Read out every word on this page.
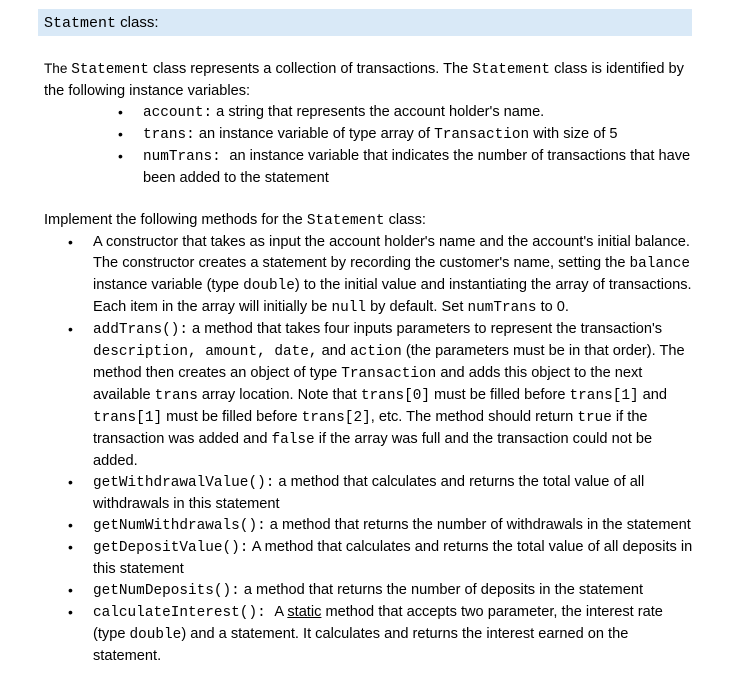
Statment class:

The Statement class represents a collection of transactions. The Statement class is identified by the following instance variables:

• account: a string that represents the account holder's name.
• trans: an instance variable of type array of Transaction with size of 5
• numTrans: an instance variable that indicates the number of transactions that have been added to the statement

Implement the following methods for the Statement class:

• A constructor that takes as input the account holder's name and the account's initial balance. The constructor creates a statement by recording the customer's name, setting the balance instance variable (type double) to the initial value and instantiating the array of transactions. Each item in the array will initially be null by default. Set numTrans to 0.
• addTrans(): a method that takes four inputs parameters to represent the transaction's description, amount, date, and action (the parameters must be in that order). The method then creates an object of type Transaction and adds this object to the next available trans array location. Note that trans[0] must be filled before trans[1] and trans[1] must be filled before trans[2], etc. The method should return true if the transaction was added and false if the array was full and the transaction could not be added.
• getWithdrawalValue(): a method that calculates and returns the total value of all withdrawals in this statement
• getNumWithdrawals(): a method that returns the number of withdrawals in the statement
• getDepositValue(): A method that calculates and returns the total value of all deposits in this statement
• getNumDeposits(): a method that returns the number of deposits in the statement
• calculateInterest(): A static method that accepts two parameter, the interest rate (type double) and a statement. It calculates and returns the interest earned on the statement.
